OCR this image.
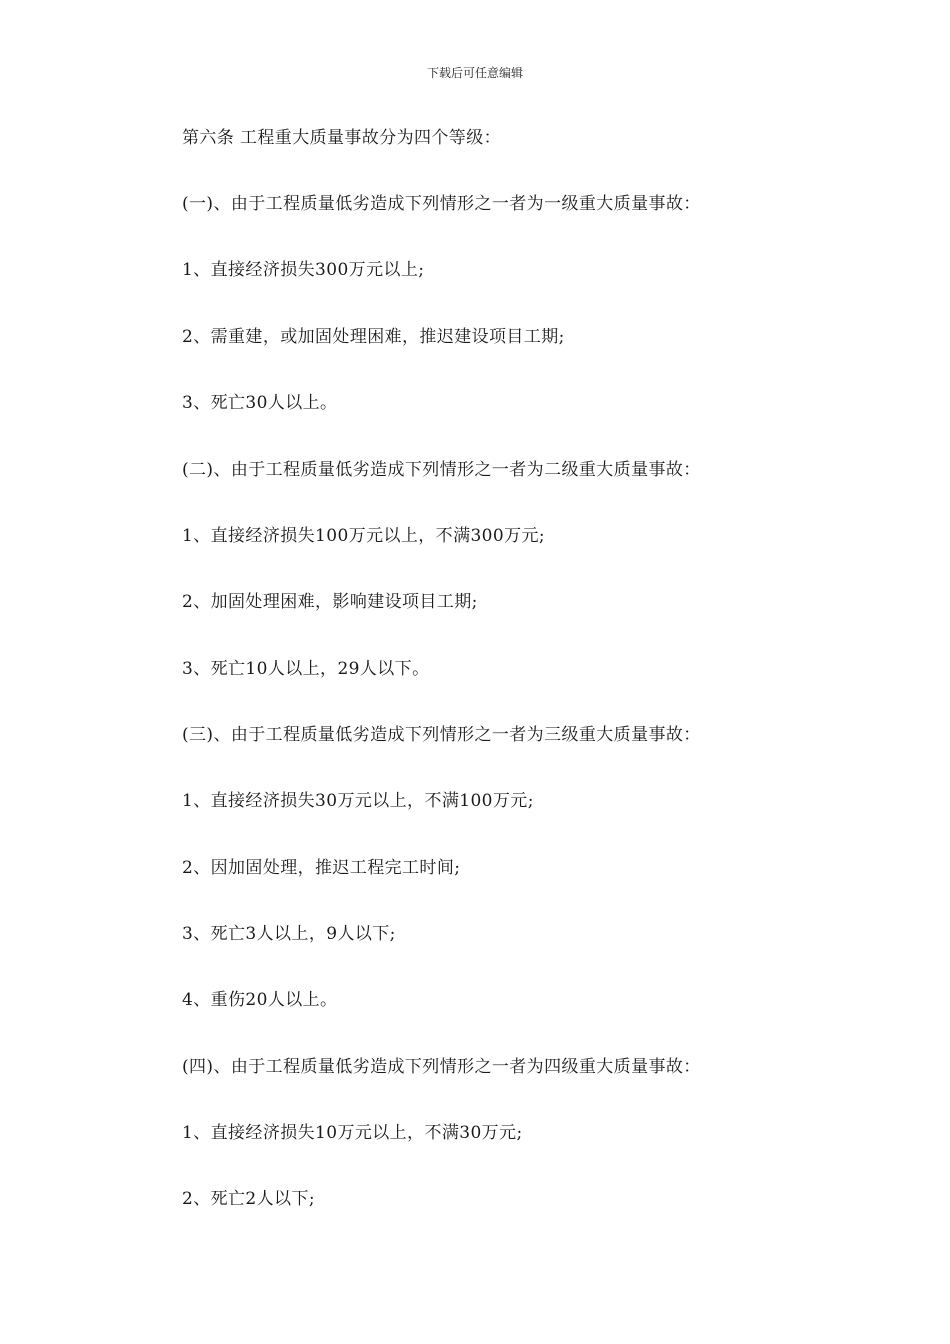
下载后可任意编辑
第六条 工程重大质量事故分为四个等级：
(一)、由于工程质量低劣造成下列情形之一者为一级重大质量事故：
1、直接经济损失300万元以上;
2、需重建，或加固处理困难，推迟建设项目工期;
3、死亡30人以上。
(二)、由于工程质量低劣造成下列情形之一者为二级重大质量事故：
1、直接经济损失100万元以上，不满300万元;
2、加固处理困难，影响建设项目工期;
3、死亡10人以上，29人以下。
(三)、由于工程质量低劣造成下列情形之一者为三级重大质量事故：
1、直接经济损失30万元以上，不满100万元;
2、因加固处理，推迟工程完工时间;
3、死亡3人以上，9人以下;
4、重伤20人以上。
(四)、由于工程质量低劣造成下列情形之一者为四级重大质量事故：
1、直接经济损失10万元以上，不满30万元;
2、死亡2人以下;
